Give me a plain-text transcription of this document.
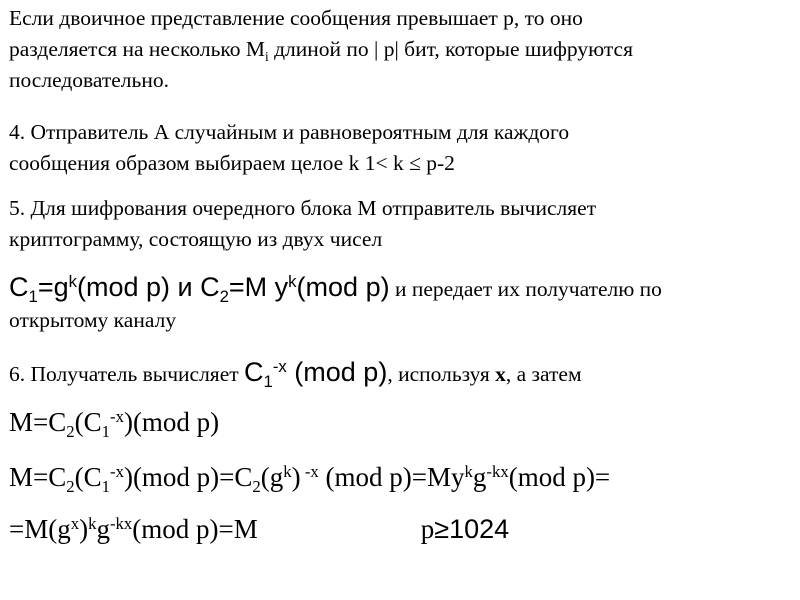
Если двоичное представление сообщения превышает p, то оно
разделяется на несколько $M_i$ длиной по | p| бит, которые шифруются
последовательно.

4. Отправитель А случайным и равновероятным для каждого
сообщения образом выбираем целое k 1< k ≤ p-2

5. Для шифрования очередного блока M отправитель вычисляет
криптограмму, состоящую из двух чисел

$C_1=g^k(mod$ p) и $C_2=M$ $y^k(mod$ p) и передает их получателю по
открытому каналу

6. Получатель вычисляет $C_1^{-x}$ (mod p), используя x, а затем

$M=C_2(C_1^{-x})(mod$ p)

$M=C_2(C_1^{-x})(mod$ $p)=C_2(g^k)$ $^{-x}$ (mod $p)=My^kg^{-kx}(mod$ p)=

$=M(g^x)^kg^{-kx}(mod$ p)=M	p≥1024
